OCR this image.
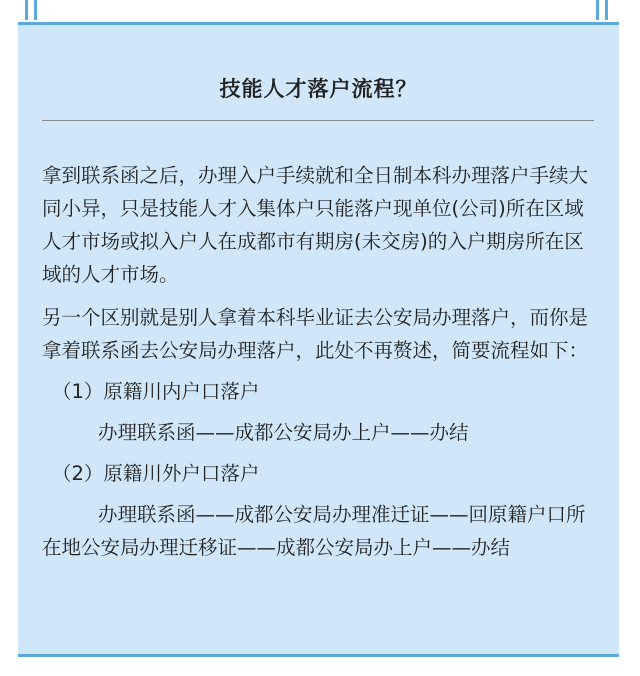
技能人才落户流程？

拿到联系函之后，办理入户手续就和全日制本科办理落户手续大同小异，只是技能人才入集体户只能落户现单位(公司)所在区域人才市场或拟入户人在成都市有期房(未交房)的入户期房所在区域的人才市场。

另一个区别就是别人拿着本科毕业证去公安局办理落户，而你是拿着联系函去公安局办理落户，此处不再赘述，简要流程如下：

（1）原籍川内户口落户

办理联系函——成都公安局办上户——办结

（2）原籍川外户口落户

办理联系函——成都公安局办理准迁证——回原籍户口所在地公安局办理迁移证——成都公安局办上户——办结
